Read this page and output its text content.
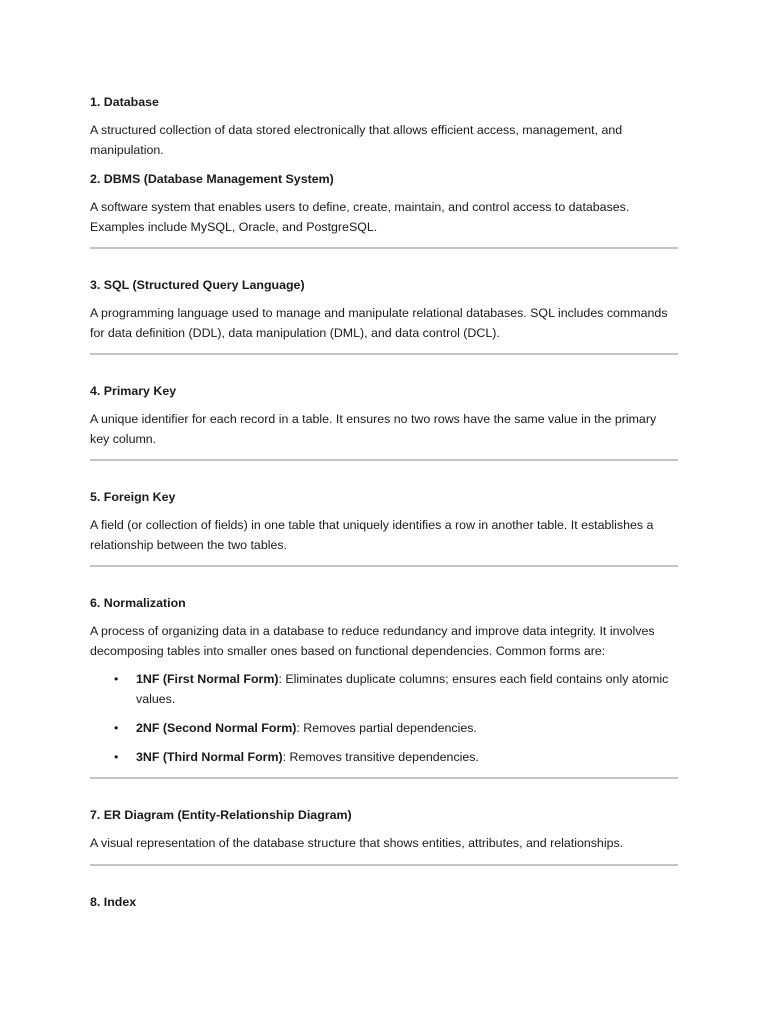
1. Database
A structured collection of data stored electronically that allows efficient access, management, and manipulation.
2. DBMS (Database Management System)
A software system that enables users to define, create, maintain, and control access to databases. Examples include MySQL, Oracle, and PostgreSQL.
3. SQL (Structured Query Language)
A programming language used to manage and manipulate relational databases. SQL includes commands for data definition (DDL), data manipulation (DML), and data control (DCL).
4. Primary Key
A unique identifier for each record in a table. It ensures no two rows have the same value in the primary key column.
5. Foreign Key
A field (or collection of fields) in one table that uniquely identifies a row in another table. It establishes a relationship between the two tables.
6. Normalization
A process of organizing data in a database to reduce redundancy and improve data integrity. It involves decomposing tables into smaller ones based on functional dependencies. Common forms are:
• 1NF (First Normal Form): Eliminates duplicate columns; ensures each field contains only atomic values.
• 2NF (Second Normal Form): Removes partial dependencies.
• 3NF (Third Normal Form): Removes transitive dependencies.
7. ER Diagram (Entity-Relationship Diagram)
A visual representation of the database structure that shows entities, attributes, and relationships.
8. Index
